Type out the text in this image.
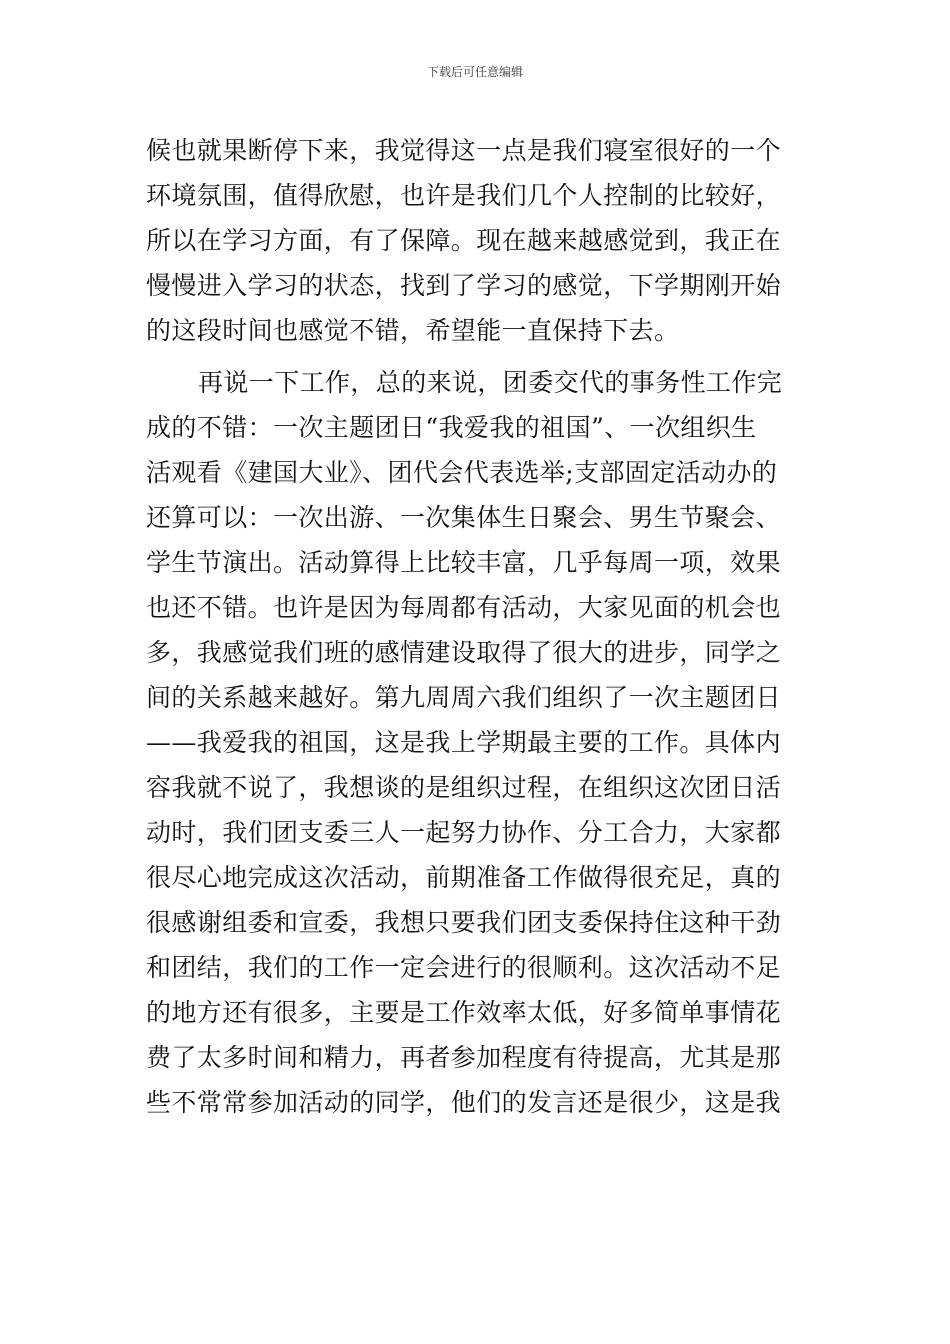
下载后可任意编辑
候也就果断停下来，我觉得这一点是我们寝室很好的一个
环境氛围，值得欣慰，也许是我们几个人控制的比较好，
所以在学习方面，有了保障。现在越来越感觉到，我正在
慢慢进入学习的状态，找到了学习的感觉，下学期刚开始
的这段时间也感觉不错，希望能一直保持下去。
再说一下工作，总的来说，团委交代的事务性工作完
成的不错：一次主题团日“我爱我的祖国”、一次组织生
活观看《建国大业》、团代会代表选举;支部固定活动办的
还算可以：一次出游、一次集体生日聚会、男生节聚会、
学生节演出。活动算得上比较丰富，几乎每周一项，效果
也还不错。也许是因为每周都有活动，大家见面的机会也
多，我感觉我们班的感情建设取得了很大的进步，同学之
间的关系越来越好。第九周周六我们组织了一次主题团日
——我爱我的祖国，这是我上学期最主要的工作。具体内
容我就不说了，我想谈的是组织过程，在组织这次团日活
动时，我们团支委三人一起努力协作、分工合力，大家都
很尽心地完成这次活动，前期准备工作做得很充足，真的
很感谢组委和宣委，我想只要我们团支委保持住这种干劲
和团结，我们的工作一定会进行的很顺利。这次活动不足
的地方还有很多，主要是工作效率太低，好多简单事情花
费了太多时间和精力，再者参加程度有待提高，尤其是那
些不常常参加活动的同学，他们的发言还是很少，这是我
